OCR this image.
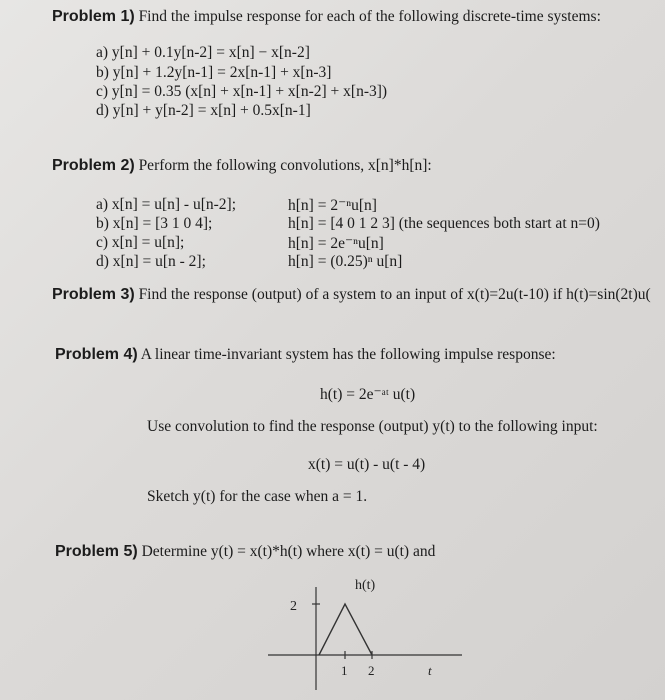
Problem 1) Find the impulse response for each of the following discrete-time systems:
a) y[n] + 0.1y[n-2] = x[n] − x[n-2]
b) y[n] + 1.2y[n-1] = 2x[n-1] + x[n-3]
c) y[n] = 0.35 (x[n] + x[n-1] + x[n-2] + x[n-3])
d) y[n] + y[n-2] = x[n] + 0.5x[n-1]
Problem 2) Perform the following convolutions, x[n]*h[n]:
a) x[n] = u[n] - u[n-2];	h[n] = 2⁻ⁿu[n]
b) x[n] = [3 1 0 4];	h[n] = [4 0 1 2 3] (the sequences both start at n=0)
c) x[n] = u[n];	h[n] = 2e⁻ⁿu[n]
d) x[n] = u[n - 2];	h[n] = (0.25)ⁿ u[n]
Problem 3) Find the response (output) of a system to an input of x(t)=2u(t-10) if h(t)=sin(2t)u(
Problem 4) A linear time-invariant system has the following impulse response:
h(t) = 2e⁻ᵃᵗ u(t)
Use convolution to find the response (output) y(t) to the following input:
x(t) = u(t) - u(t - 4)
Sketch y(t) for the case when a = 1.
Problem 5) Determine y(t) = x(t)*h(t) where x(t) = u(t) and
h(t)
2
1 2	t
